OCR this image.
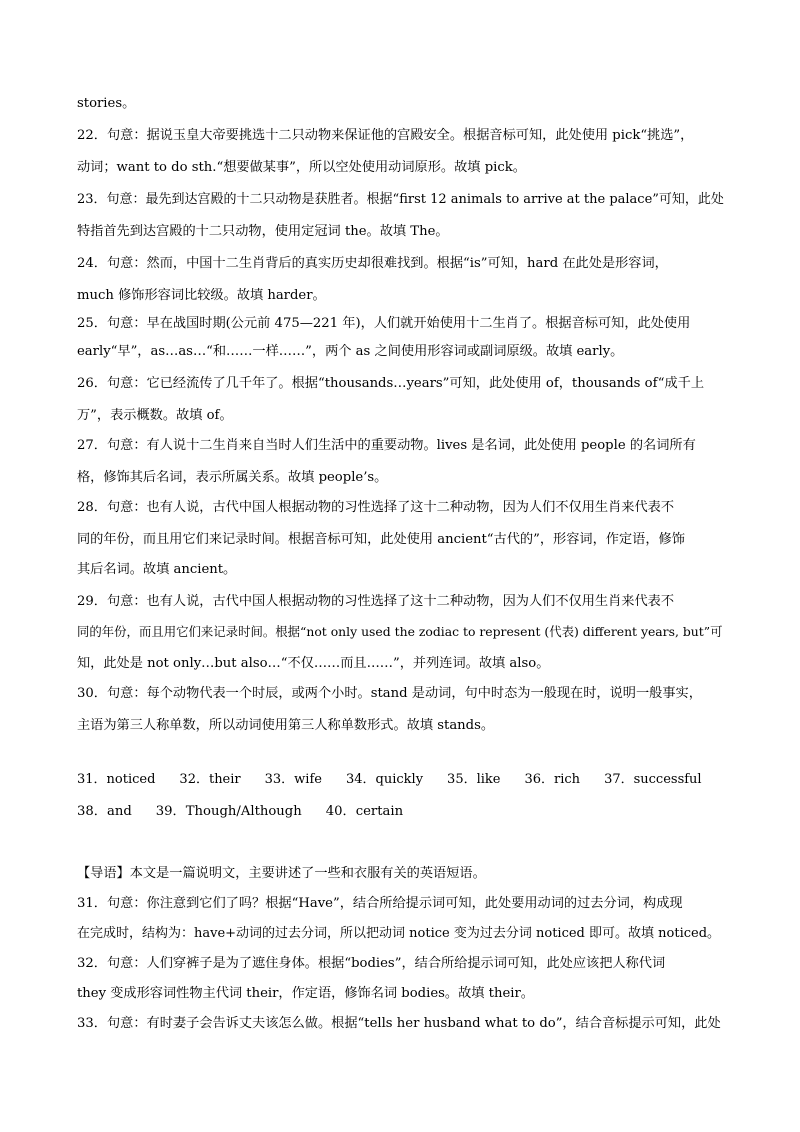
stories。
22．句意：据说玉皇大帝要挑选十二只动物来保证他的宫殿安全。根据音标可知，此处使用 pick“挑选”，
动词；want to do sth.“想要做某事”，所以空处使用动词原形。故填 pick。
23．句意：最先到达宫殿的十二只动物是获胜者。根据“first 12 animals to arrive at the palace”可知，此处
特指首先到达宫殿的十二只动物，使用定冠词 the。故填 The。
24．句意：然而，中国十二生肖背后的真实历史却很难找到。根据“is”可知，hard 在此处是形容词，
much 修饰形容词比较级。故填 harder。
25．句意：早在战国时期(公元前 475—221 年)，人们就开始使用十二生肖了。根据音标可知，此处使用
early“早”，as…as…“和……一样……”，两个 as 之间使用形容词或副词原级。故填 early。
26．句意：它已经流传了几千年了。根据“thousands…years”可知，此处使用 of，thousands of“成千上
万”，表示概数。故填 of。
27．句意：有人说十二生肖来自当时人们生活中的重要动物。lives 是名词，此处使用 people 的名词所有
格，修饰其后名词，表示所属关系。故填 people’s。
28．句意：也有人说，古代中国人根据动物的习性选择了这十二种动物，因为人们不仅用生肖来代表不
同的年份，而且用它们来记录时间。根据音标可知，此处使用 ancient“古代的”，形容词，作定语，修饰
其后名词。故填 ancient。
29．句意：也有人说，古代中国人根据动物的习性选择了这十二种动物，因为人们不仅用生肖来代表不
同的年份，而且用它们来记录时间。根据“not only used the zodiac to represent (代表) different years, but”可
知，此处是 not only…but also…“不仅……而且……”，并列连词。故填 also。
30．句意：每个动物代表一个时辰，或两个小时。stand 是动词，句中时态为一般现在时，说明一般事实，
主语为第三人称单数，所以动词使用第三人称单数形式。故填 stands。
31．noticed 32．their 33．wife 34．quickly 35．like 36．rich 37．successful
38．and 39．Though/Although 40．certain
【导语】本文是一篇说明文，主要讲述了一些和衣服有关的英语短语。
31．句意：你注意到它们了吗？根据“Have”，结合所给提示词可知，此处要用动词的过去分词，构成现
在完成时，结构为：have+动词的过去分词，所以把动词 notice 变为过去分词 noticed 即可。故填 noticed。
32．句意：人们穿裤子是为了遮住身体。根据“bodies”，结合所给提示词可知，此处应该把人称代词
they 变成形容词性物主代词 their，作定语，修饰名词 bodies。故填 their。
33．句意：有时妻子会告诉丈夫该怎么做。根据“tells her husband what to do”，结合音标提示可知，此处
